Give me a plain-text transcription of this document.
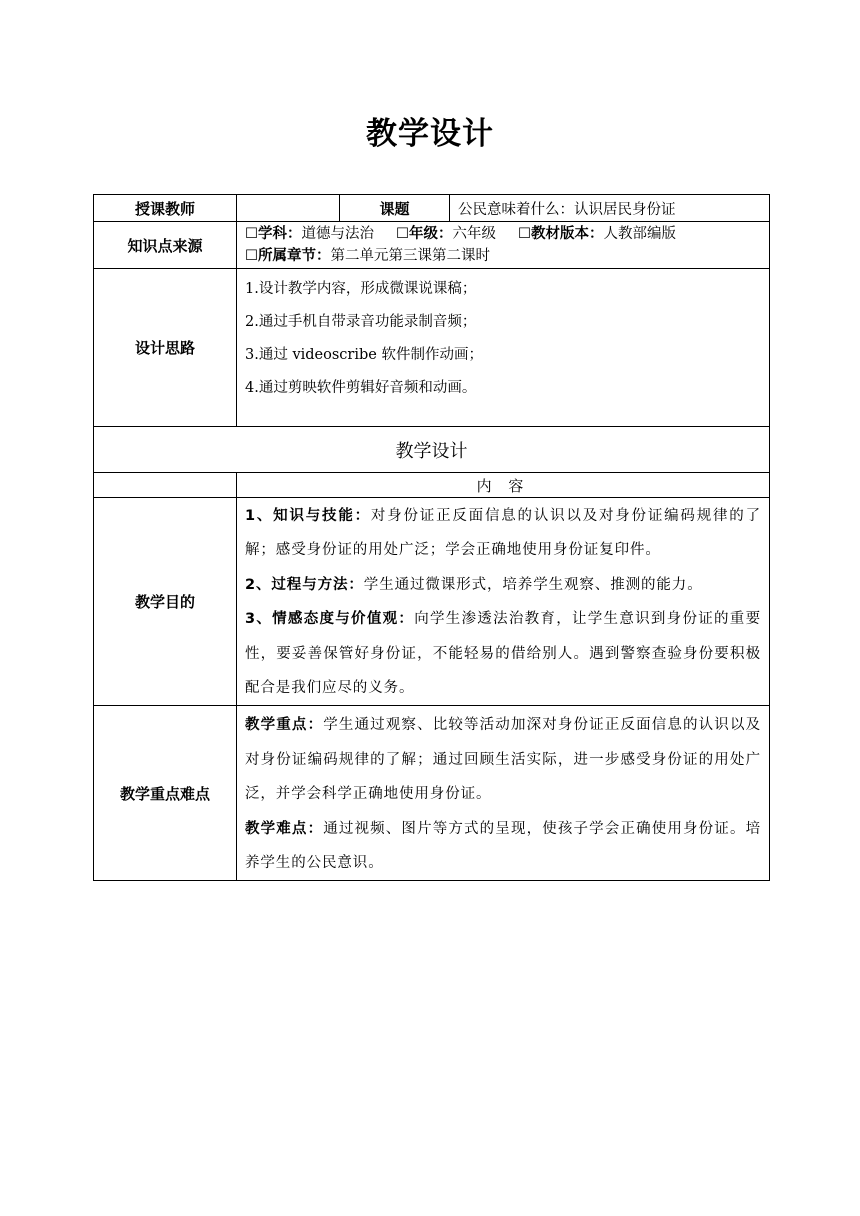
教学设计
授课教师		课题	公民意味着什么：认识居民身份证
知识点来源	☐学科：道德与法治 ☐年级：六年级 ☐教材版本：人教部编版
☐所属章节：第二单元第三课第二课时		

设计思路	1.设计教学内容，形成微课说课稿；
2.通过手机自带录音功能录制音频；
3.通过 videoscribe 软件制作动画；
4.通过剪映软件剪辑好音频和动画。		

教学设计			
	内 容		
教学目的	1、知识与技能：对身份证正反面信息的认识以及对身份证编码规律的了解；感受身份证的用处广泛；学会正确地使用身份证复印件。
2、过程与方法：学生通过微课形式，培养学生观察、推测的能力。
3、情感态度与价值观：向学生渗透法治教育，让学生意识到身份证的重要性，要妥善保管好身份证，不能轻易的借给别人。遇到警察查验身份要积极配合是我们应尽的义务。		

教学重点难点	教学重点：学生通过观察、比较等活动加深对身份证正反面信息的认识以及对身份证编码规律的了解；通过回顾生活实际，进一步感受身份证的用处广泛，并学会科学正确地使用身份证。
教学难点：通过视频、图片等方式的呈现，使孩子学会正确使用身份证。培养学生的公民意识。		
